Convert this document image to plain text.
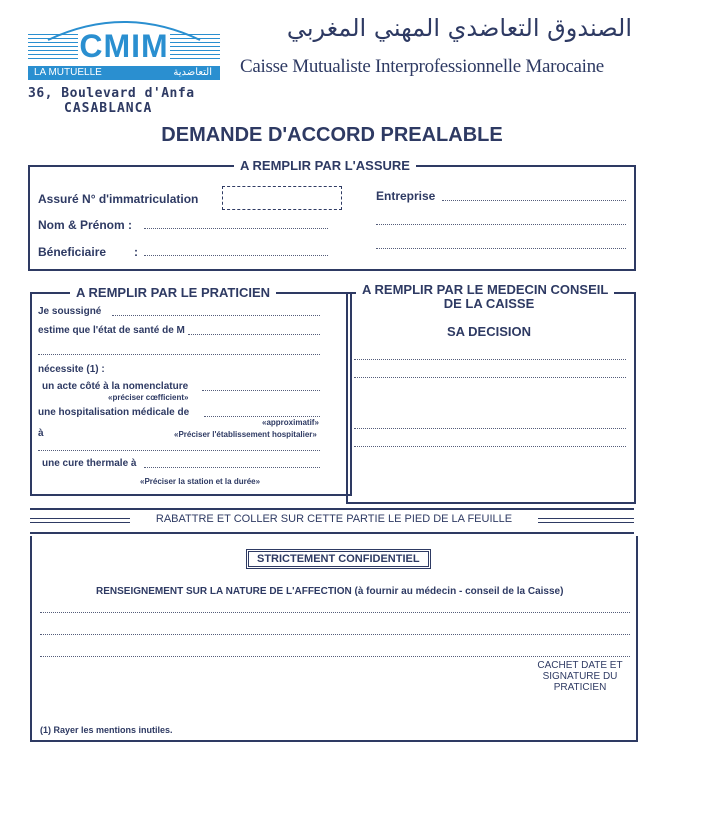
CMIM
LA MUTUELLE	التعاضدية
36, Boulevard d'Anfa
CASABLANCA
الصندوق التعاضدي المهني المغربي
Caisse Mutualiste Interprofessionnelle Marocaine
DEMANDE D'ACCORD PREALABLE
A REMPLIR PAR L'ASSURE
Assuré N° d'immatriculation	Entreprise
Nom & Prénom :
Béneficiaire :
A REMPLIR PAR LE PRATICIEN
Je soussigné
estime que l'état de santé de M
nécessite (1) :
un acte côté à la nomenclature
«préciser cœfficient»
une hospitalisation médicale de
«approximatif»
à	«Préciser l'établissement hospitalier»
une cure thermale à
«Préciser la station et la durée»
A REMPLIR PAR LE MEDECIN CONSEIL
DE LA CAISSE
SA DECISION
RABATTRE ET COLLER SUR CETTE PARTIE LE PIED DE LA FEUILLE
STRICTEMENT CONFIDENTIEL
RENSEIGNEMENT SUR LA NATURE DE L'AFFECTION (à fournir au médecin - conseil de la Caisse)
CACHET DATE ET
SIGNATURE DU
PRATICIEN
(1) Rayer les mentions inutiles.
